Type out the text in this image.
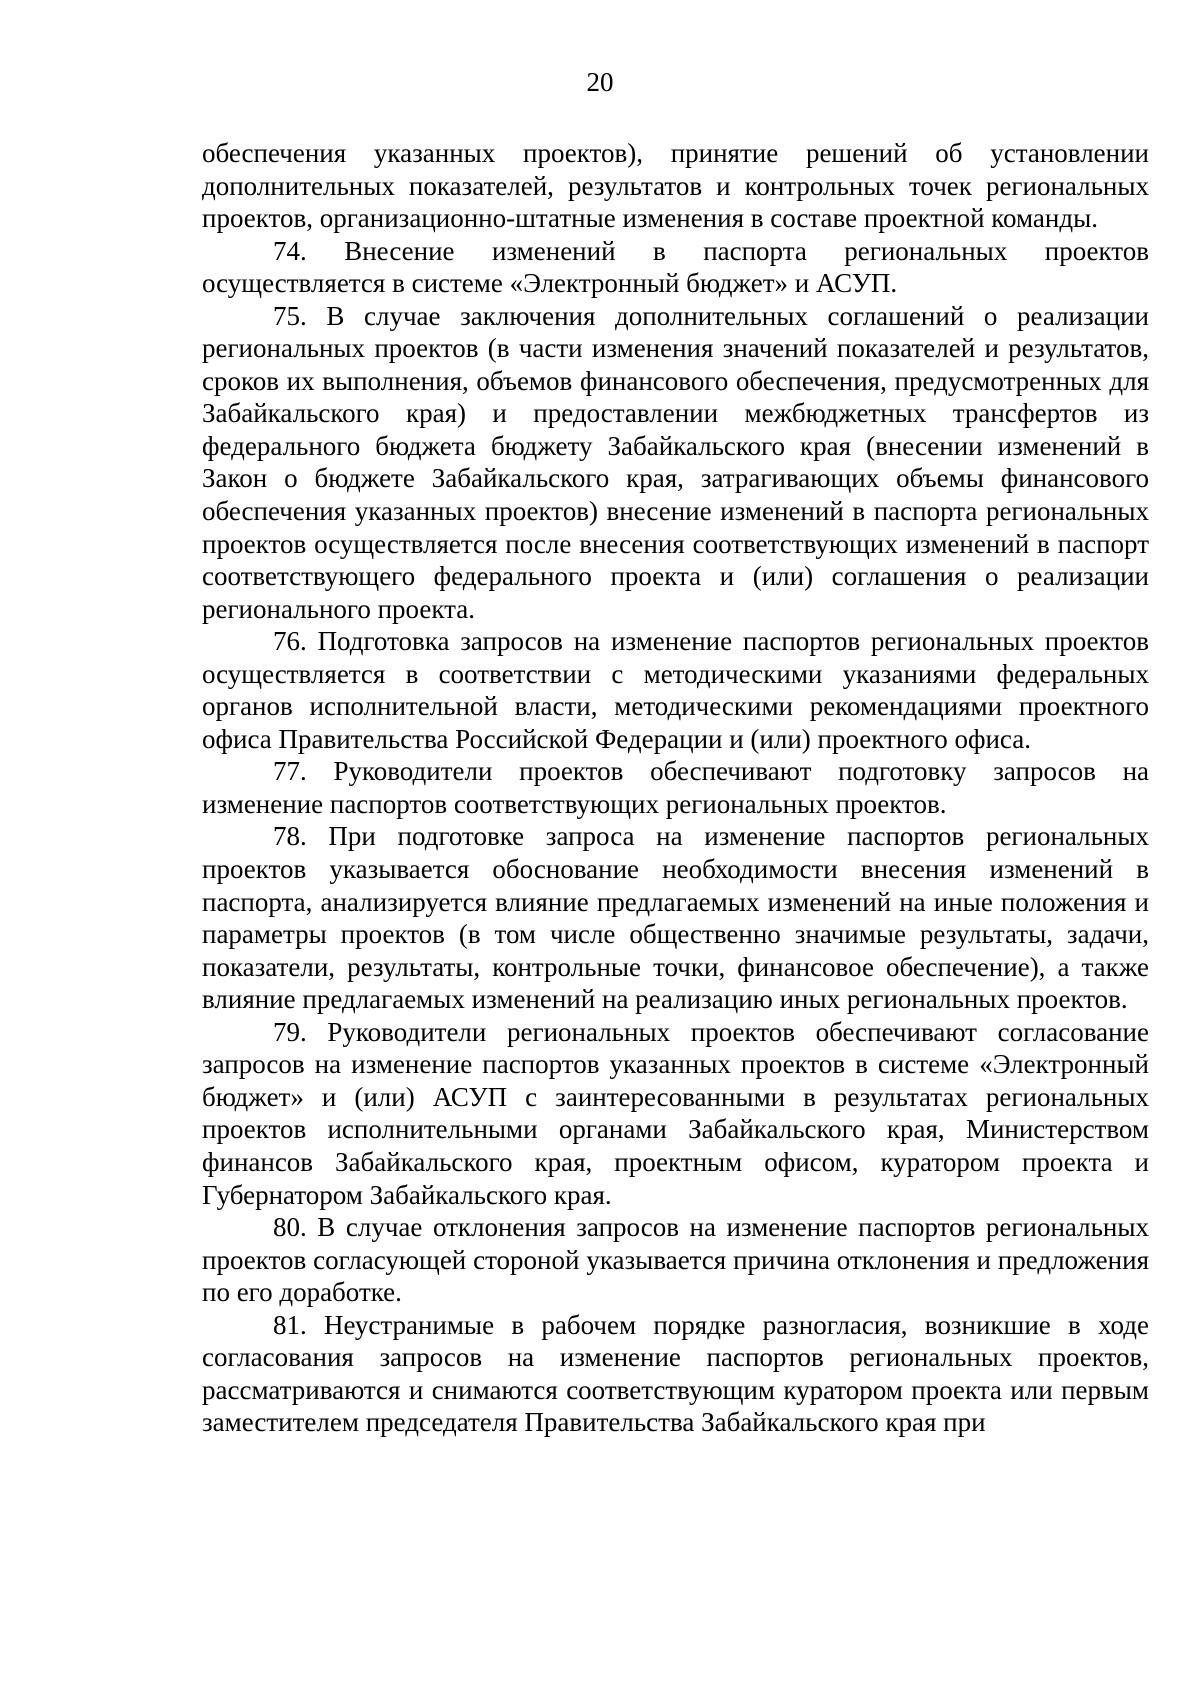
20

обеспечения указанных проектов), принятие решений об установлении дополнительных показателей, результатов и контрольных точек региональных проектов, организационно-штатные изменения в составе проектной команды.

74. Внесение изменений в паспорта региональных проектов осуществляется в системе «Электронный бюджет» и АСУП.

75. В случае заключения дополнительных соглашений о реализации региональных проектов (в части изменения значений показателей и результатов, сроков их выполнения, объемов финансового обеспечения, предусмотренных для Забайкальского края) и предоставлении межбюджетных трансфертов из федерального бюджета бюджету Забайкальского края (внесении изменений в Закон о бюджете Забайкальского края, затрагивающих объемы финансового обеспечения указанных проектов) внесение изменений в паспорта региональных проектов осуществляется после внесения соответствующих изменений в паспорт соответствующего федерального проекта и (или) соглашения о реализации регионального проекта.

76. Подготовка запросов на изменение паспортов региональных проектов осуществляется в соответствии с методическими указаниями федеральных органов исполнительной власти, методическими рекомендациями проектного офиса Правительства Российской Федерации и (или) проектного офиса.

77. Руководители проектов обеспечивают подготовку запросов на изменение паспортов соответствующих региональных проектов.

78. При подготовке запроса на изменение паспортов региональных проектов указывается обоснование необходимости внесения изменений в паспорта, анализируется влияние предлагаемых изменений на иные положения и параметры проектов (в том числе общественно значимые результаты, задачи, показатели, результаты, контрольные точки, финансовое обеспечение), а также влияние предлагаемых изменений на реализацию иных региональных проектов.

79. Руководители региональных проектов обеспечивают согласование запросов на изменение паспортов указанных проектов в системе «Электронный бюджет» и (или) АСУП с заинтересованными в результатах региональных проектов исполнительными органами Забайкальского края, Министерством финансов Забайкальского края, проектным офисом, куратором проекта и Губернатором Забайкальского края.

80. В случае отклонения запросов на изменение паспортов региональных проектов согласующей стороной указывается причина отклонения и предложения по его доработке.

81. Неустранимые в рабочем порядке разногласия, возникшие в ходе согласования запросов на изменение паспортов региональных проектов, рассматриваются и снимаются соответствующим куратором проекта или первым заместителем председателя Правительства Забайкальского края при
